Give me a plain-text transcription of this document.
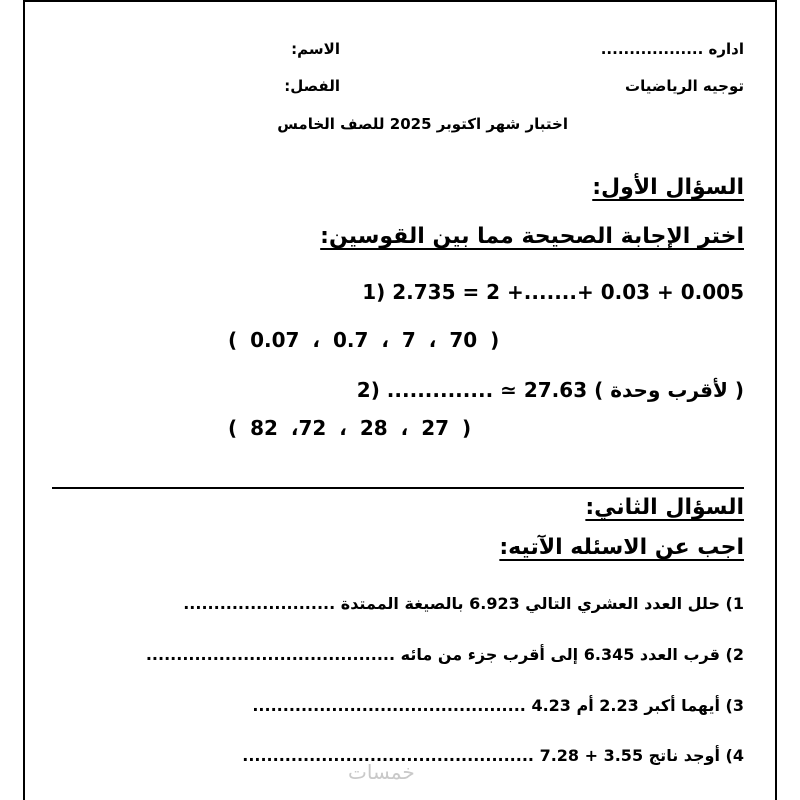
اداره ..................
الاسم:
توجيه الرياضيات
الفصل:
اختبار شهر اكتوبر 2025 للصف الخامس
السؤال الأول:
اختر الإجابة الصحيحة مما بين القوسين:
1) 2.735 = 2 +.......+ 0.03 + 0.005
( 0.07 ، 0.7 ، 7 ، 70 )
2) .............. ≃ 27.63 ( لأقرب وحدة )
( 82 ،72 ، 28 ، 27 )
السؤال الثاني:
اجب عن الاسئله الآتيه:
1) حلل العدد العشري التالي 6.923 بالصيغة الممتدة .........................
2) قرب العدد 6.345 إلى أقرب جزء من مائه .........................................
3) أيهما أكبر 2.23 أم 4.23 .............................................
4) أوجد ناتج 3.55 + 7.28 ................................................
خمسات
